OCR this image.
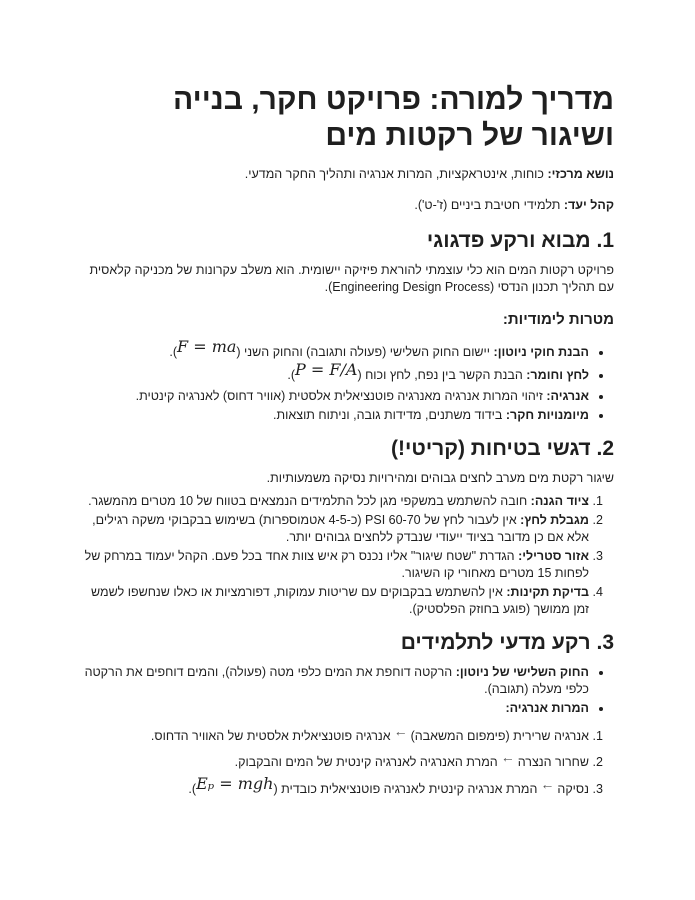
מדריך למורה: פרויקט חקר, בנייה ושיגור של רקטות מים

נושא מרכזי: כוחות, אינטראקציות, המרות אנרגיה ותהליך החקר המדעי.

קהל יעד: תלמידי חטיבת ביניים (ז'-ט').

1. מבוא ורקע פדגוגי

פרויקט רקטות המים הוא כלי עוצמתי להוראת פיזיקה יישומית. הוא משלב עקרונות של מכניקה קלאסית עם תהליך תכנון הנדסי (Engineering Design Process).

מטרות לימודיות:
• הבנת חוקי ניוטון: יישום החוק השלישי (פעולה ותגובה) והחוק השני (F = ma).
• לחץ וחומר: הבנת הקשר בין נפח, לחץ וכוח (P = F/A).
• אנרגיה: זיהוי המרות אנרגיה מאנרגיה פוטנציאלית אלסטית (אוויר דחוס) לאנרגיה קינטית.
• מיומנויות חקר: בידוד משתנים, מדידות גובה, וניתוח תוצאות.
2. דגשי בטיחות (קריטי!)

שיגור רקטת מים מערב לחצים גבוהים ומהירויות נסיקה משמעותיות.

1. ציוד הגנה: חובה להשתמש במשקפי מגן לכל התלמידים הנמצאים בטווח של 10 מטרים מהמשגר.
2. מגבלת לחץ: אין לעבור לחץ של PSI 60-70 (כ-4-5 אטמוספרות) בשימוש בבקבוקי משקה רגילים, אלא אם כן מדובר בציוד ייעודי שנבדק ללחצים גבוהים יותר.
3. אזור סטרילי: הגדרת "שטח שיגור" אליו נכנס רק איש צוות אחד בכל פעם. הקהל יעמוד במרחק של לפחות 15 מטרים מאחורי קו השיגור.
4. בדיקת תקינות: אין להשתמש בבקבוקים עם שריטות עמוקות, דפורמציות או כאלו שנחשפו לשמש זמן ממושך (פוגע בחוזק הפלסטיק).
3. רקע מדעי לתלמידים
• החוק השלישי של ניוטון: הרקטה דוחפת את המים כלפי מטה (פעולה), והמים דוחפים את הרקטה כלפי מעלה (תגובה).
• המרות אנרגיה:
1. אנרגיה שרירית (פימפום המשאבה)←אנרגיה פוטנציאלית אלסטית של האוויר הדחוס.
2. שחרור הנצרה←המרת האנרגיה לאנרגיה קינטית של המים והבקבוק.
3. נסיקה←המרת אנרגיה קינטית לאנרגיה פוטנציאלית כובדית (Eₚ = mgh).
